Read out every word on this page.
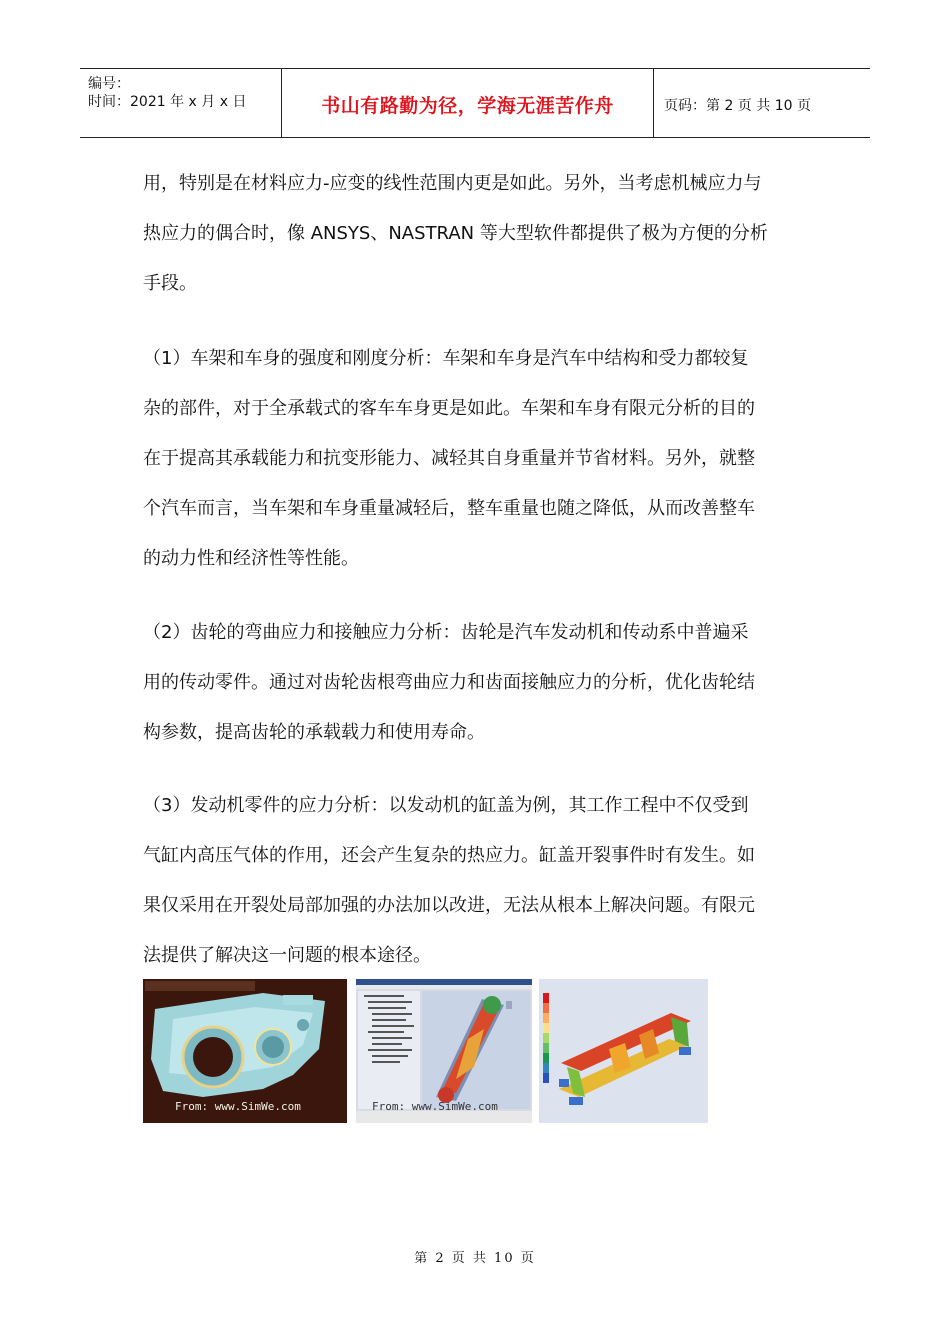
编号：
时间：2021 年 x 月 x 日	书山有路勤为径，学海无涯苦作舟	页码：第 2 页 共 10 页
用，特别是在材料应力-应变的线性范围内更是如此。另外，当考虑机械应力与
热应力的偶合时，像 ANSYS、NASTRAN 等大型软件都提供了极为方便的分析
手段。
（1）车架和车身的强度和刚度分析：车架和车身是汽车中结构和受力都较复
杂的部件，对于全承载式的客车车身更是如此。车架和车身有限元分析的目的
在于提高其承载能力和抗变形能力、减轻其自身重量并节省材料。另外，就整
个汽车而言，当车架和车身重量减轻后，整车重量也随之降低，从而改善整车
的动力性和经济性等性能。
（2）齿轮的弯曲应力和接触应力分析：齿轮是汽车发动机和传动系中普遍采
用的传动零件。通过对齿轮齿根弯曲应力和齿面接触应力的分析，优化齿轮结
构参数，提高齿轮的承载载力和使用寿命。
（3）发动机零件的应力分析：以发动机的缸盖为例，其工作工程中不仅受到
气缸内高压气体的作用，还会产生复杂的热应力。缸盖开裂事件时有发生。如
果仅采用在开裂处局部加强的办法加以改进，无法从根本上解决问题。有限元
法提供了解决这一问题的根本途径。
From: www.SimWe.com	From: www.SimWe.com
第 2 页 共 10 页
